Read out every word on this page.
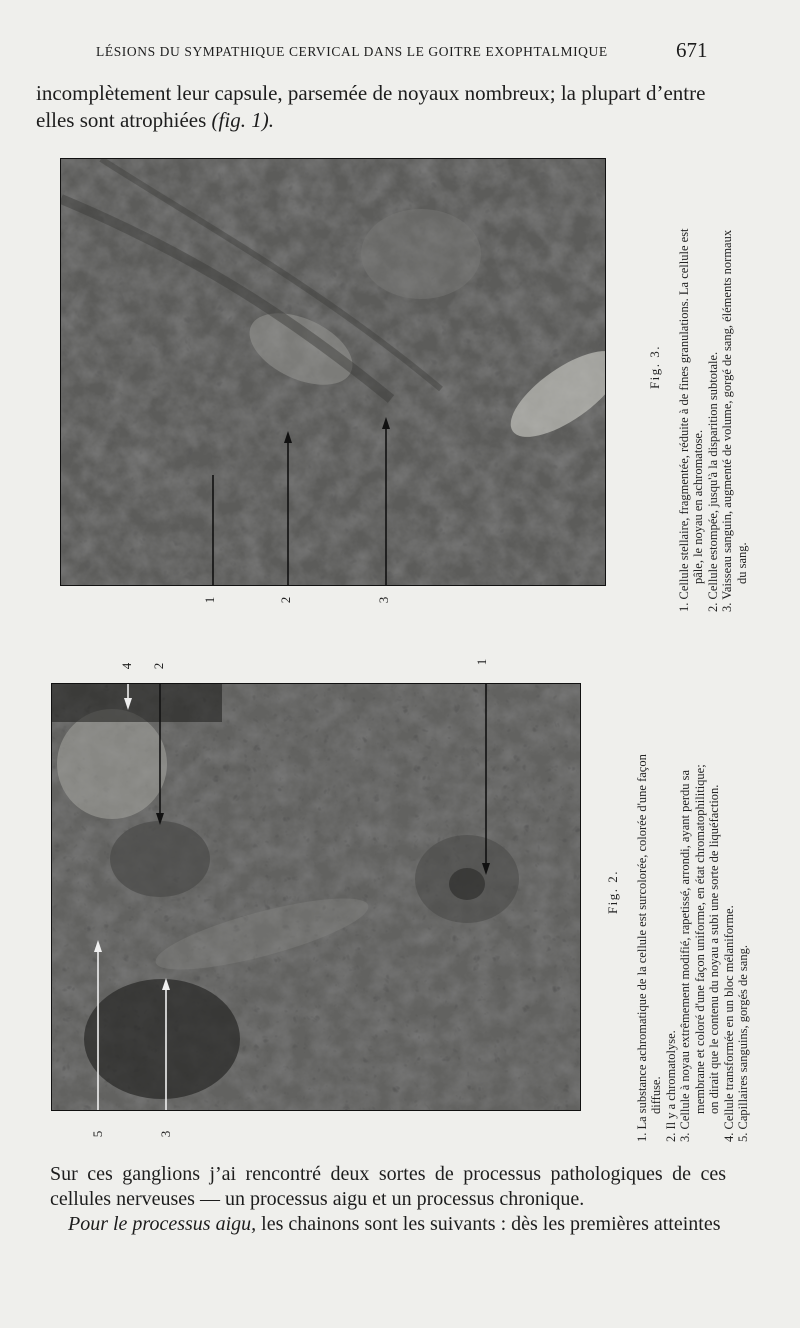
LÉSIONS DU SYMPATHIQUE CERVICAL DANS LE GOITRE EXOPHTALMIQUE	671
incomplètement leur capsule, parsemée de noyaux nombreux; la plupart d’entre
elles sont atrophiées (fig. 1).
1	2	3
Fig. 3.
1. Cellule stellaire, fragmentée, réduite à de fines granulations. La cellule est pâle, le noyau en achromatose.
2. Cellule estompée, jusqu'à la disparition subtotale.
3. Vaisseau sanguin, augmenté de volume, gorgé de sang, éléments normaux du sang.
1
2
3
4
5
Fig. 2.
1. La substance achromatique de la cellule est surcolorée, colorée d'une façon diffuse.
2. Il y a chromatolyse.
3. Cellule à noyau extrêmement modifié, rapetissé, arrondi, ayant perdu sa membrane et coloré d'une façon uniforme, en état chromatophilitique; on dirait que le contenu du noyau a subi une sorte de liquéfaction.
4. Cellule transformée en un bloc mélaniforme.
5. Capillaires sanguins, gorgés de sang.
Sur ces ganglions j’ai rencontré deux sortes de processus pathologiques de ces cellules nerveuses — un processus aigu et un processus chronique.
Pour le processus aigu, les chainons sont les suivants : dès les premières atteintes
